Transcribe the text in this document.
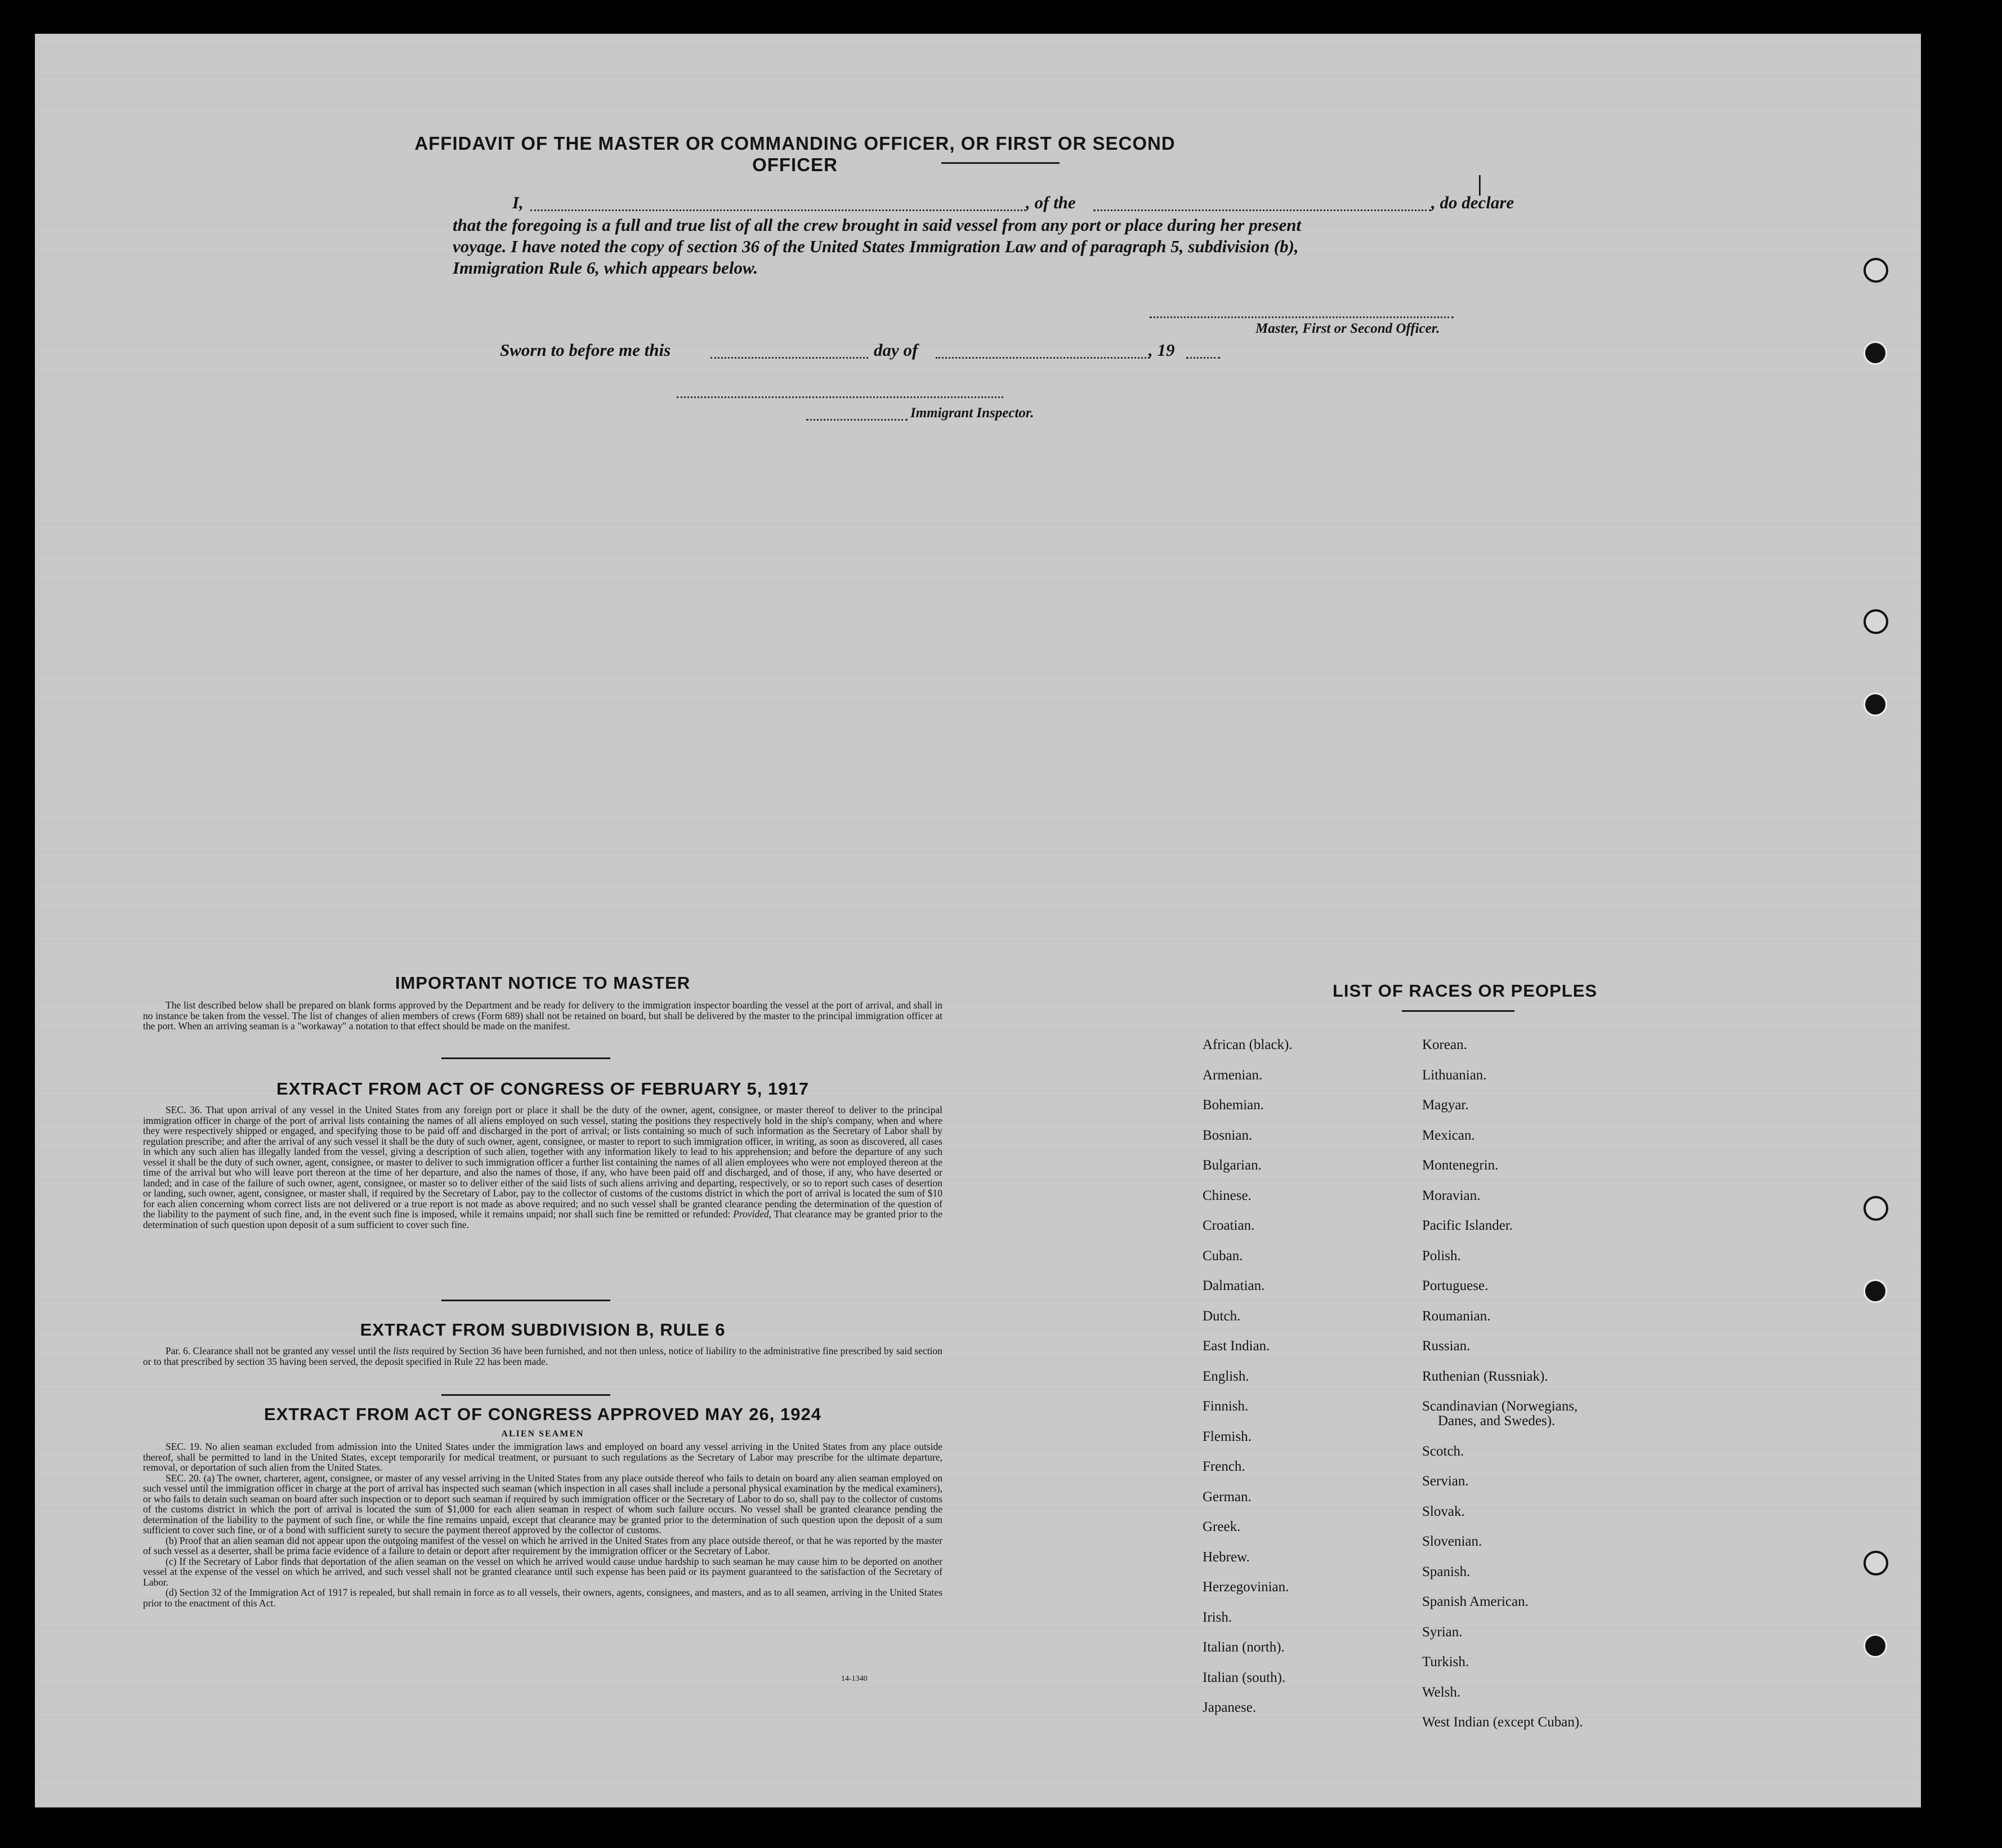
AFFIDAVIT OF THE MASTER OR COMMANDING OFFICER, OR FIRST OR SECOND OFFICER
I,	, of the	, do declare
that the foregoing is a full and true list of all the crew brought in said vessel from any port or place during her present
voyage. I have noted the copy of section 36 of the United States Immigration Law and of paragraph 5, subdivision (b),
Immigration Rule 6, which appears below.
Master, First or Second Officer.
Sworn to before me this	day of	, 19
Immigrant Inspector.
IMPORTANT NOTICE TO MASTER

The list described below shall be prepared on blank forms approved by the Department and be ready for delivery to the immigration inspector boarding the vessel at the port of arrival, and shall in no instance be taken from the vessel. The list of changes of alien members of crews (Form 689) shall not be retained on board, but shall be delivered by the master to the principal immigration officer at the port. When an arriving seaman is a "workaway" a notation to that effect should be made on the manifest.

EXTRACT FROM ACT OF CONGRESS OF FEBRUARY 5, 1917

SEC. 36. That upon arrival of any vessel in the United States from any foreign port or place it shall be the duty of the owner, agent, consignee, or master thereof to deliver to the principal immigration officer in charge of the port of arrival lists containing the names of all aliens employed on such vessel, stating the positions they respectively hold in the ship's company, when and where they were respectively shipped or engaged, and specifying those to be paid off and discharged in the port of arrival; or lists containing so much of such information as the Secretary of Labor shall by regulation prescribe; and after the arrival of any such vessel it shall be the duty of such owner, agent, consignee, or master to report to such immigration officer, in writing, as soon as discovered, all cases in which any such alien has illegally landed from the vessel, giving a description of such alien, together with any information likely to lead to his apprehension; and before the departure of any such vessel it shall be the duty of such owner, agent, consignee, or master to deliver to such immigration officer a further list containing the names of all alien employees who were not employed thereon at the time of the arrival but who will leave port thereon at the time of her departure, and also the names of those, if any, who have been paid off and discharged, and of those, if any, who have deserted or landed; and in case of the failure of such owner, agent, consignee, or master so to deliver either of the said lists of such aliens arriving and departing, respectively, or so to report such cases of desertion or landing, such owner, agent, consignee, or master shall, if required by the Secretary of Labor, pay to the collector of customs of the customs district in which the port of arrival is located the sum of $10 for each alien concerning whom correct lists are not delivered or a true report is not made as above required; and no such vessel shall be granted clearance pending the determination of the question of the liability to the payment of such fine, and, in the event such fine is imposed, while it remains unpaid; nor shall such fine be remitted or refunded: Provided, That clearance may be granted prior to the determination of such question upon deposit of a sum sufficient to cover such fine.

EXTRACT FROM SUBDIVISION B, RULE 6

Par. 6. Clearance shall not be granted any vessel until the lists required by Section 36 have been furnished, and not then unless, notice of liability to the administrative fine prescribed by said section or to that prescribed by section 35 having been served, the deposit specified in Rule 22 has been made.

EXTRACT FROM ACT OF CONGRESS APPROVED MAY 26, 1924
ALIEN SEAMEN

SEC. 19. No alien seaman excluded from admission into the United States under the immigration laws and employed on board any vessel arriving in the United States from any place outside thereof, shall be permitted to land in the United States, except temporarily for medical treatment, or pursuant to such regulations as the Secretary of Labor may prescribe for the ultimate departure, removal, or deportation of such alien from the United States.

SEC. 20. (a) The owner, charterer, agent, consignee, or master of any vessel arriving in the United States from any place outside thereof who fails to detain on board any alien seaman employed on such vessel until the immigration officer in charge at the port of arrival has inspected such seaman (which inspection in all cases shall include a personal physical examination by the medical examiners), or who fails to detain such seaman on board after such inspection or to deport such seaman if required by such immigration officer or the Secretary of Labor to do so, shall pay to the collector of customs of the customs district in which the port of arrival is located the sum of $1,000 for each alien seaman in respect of whom such failure occurs. No vessel shall be granted clearance pending the determination of the liability to the payment of such fine, or while the fine remains unpaid, except that clearance may be granted prior to the determination of such question upon the deposit of a sum sufficient to cover such fine, or of a bond with sufficient surety to secure the payment thereof approved by the collector of customs.

(b) Proof that an alien seaman did not appear upon the outgoing manifest of the vessel on which he arrived in the United States from any place outside thereof, or that he was reported by the master of such vessel as a deserter, shall be prima facie evidence of a failure to detain or deport after requirement by the immigration officer or the Secretary of Labor.

(c) If the Secretary of Labor finds that deportation of the alien seaman on the vessel on which he arrived would cause undue hardship to such seaman he may cause him to be deported on another vessel at the expense of the vessel on which he arrived, and such vessel shall not be granted clearance until such expense has been paid or its payment guaranteed to the satisfaction of the Secretary of Labor.

(d) Section 32 of the Immigration Act of 1917 is repealed, but shall remain in force as to all vessels, their owners, agents, consignees, and masters, and as to all seamen, arriving in the United States prior to the enactment of this Act.

14-1340
LIST OF RACES OR PEOPLES
|
African (black).
Armenian.
Bohemian.
Bosnian.
Bulgarian.
Chinese.
Croatian.
Cuban.
Dalmatian.
Dutch.
East Indian.
English.
Finnish.
Flemish.
French.
German.
Greek.
Hebrew.
Herzegovinian.
Irish.
Italian (north).
Italian (south).
Japanese.
Korean.
Lithuanian.
Magyar.
Mexican.
Montenegrin.
Moravian.
Pacific Islander.
Polish.
Portuguese.
Roumanian.
Russian.
Ruthenian (Russniak).
Scandinavian (Norwegians,
Danes, and Swedes).
Scotch.
Servian.
Slovak.
Slovenian.
Spanish.
Spanish American.
Syrian.
Turkish.
Welsh.
West Indian (except Cuban).
